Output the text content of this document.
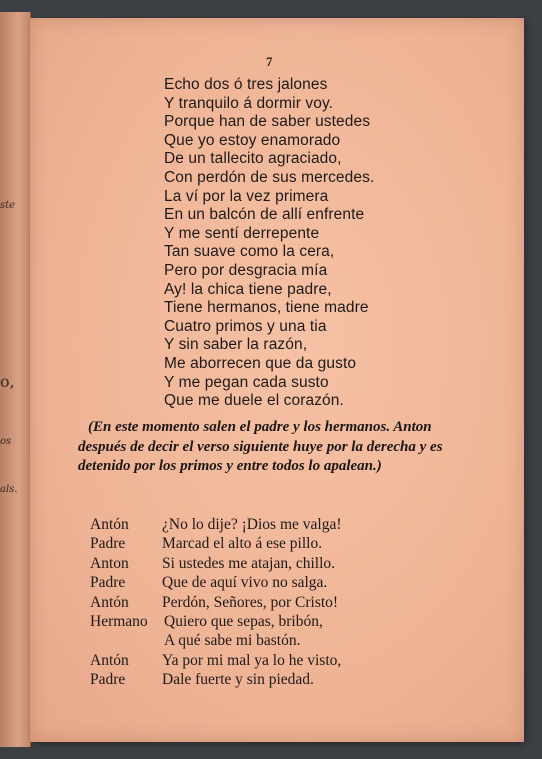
ste
o,
os
als.
7
Echo dos ó tres jalones
Y tranquilo á dormir voy.
Porque han de saber ustedes
Que yo estoy enamorado
De un tallecito agraciado,
Con perdón de sus mercedes.
La ví por la vez primera
En un balcón de allí enfrente
Y me sentí derrepente
Tan suave como la cera,
Pero por desgracia mía
Ay! la chica tiene padre,
Tiene hermanos, tiene madre
Cuatro primos y una tia
Y sin saber la razón,
Me aborrecen que da gusto
Y me pegan cada susto
Que me duele el corazón.
(En este momento salen el padre y los hermanos. Anton después de decir el verso siguiente huye por la derecha y es detenido por los primos y entre todos lo apalean.)
Antón ¿No lo dije? ¡Dios me valga!
Padre Marcad el alto á ese pillo.
Anton Si ustedes me atajan, chillo.
Padre Que de aquí vivo no salga.
Antón Perdón, Señores, por Cristo!
Hermano Quiero que sepas, bribón,
A qué sabe mi bastón.
Antón Ya por mi mal ya lo he visto,
Padre Dale fuerte y sin piedad.
